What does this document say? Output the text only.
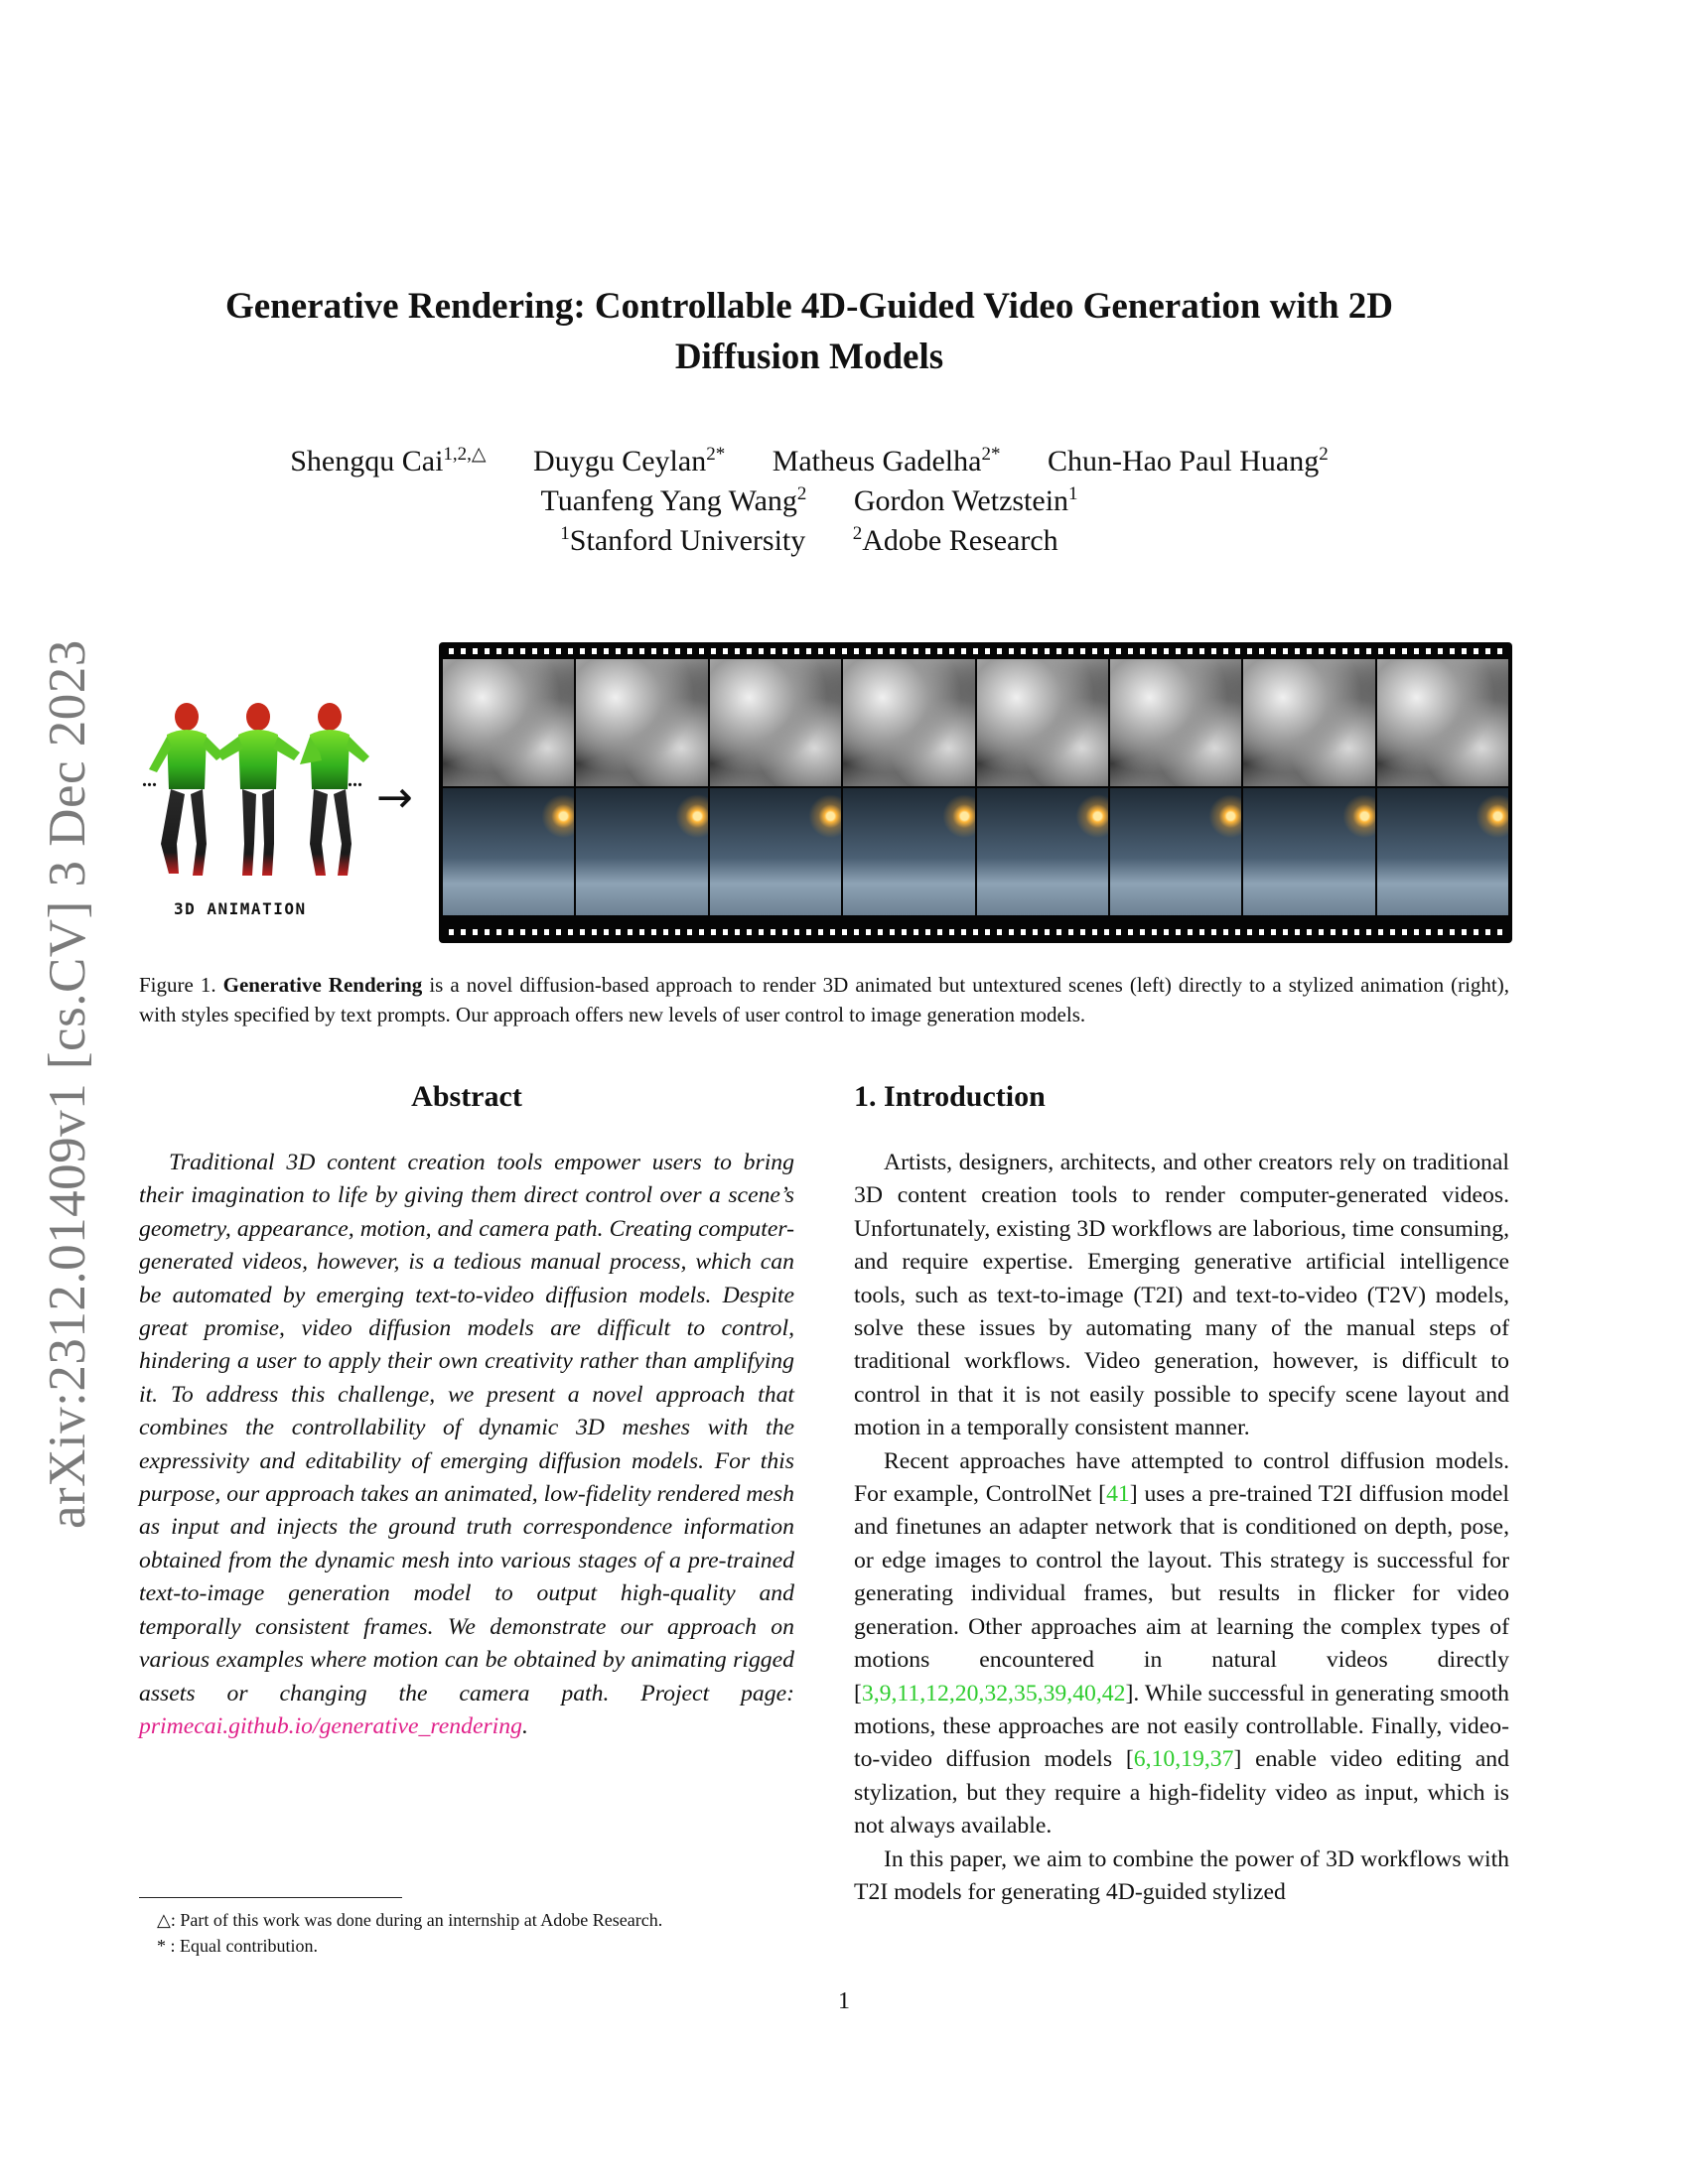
arXiv:2312.01409v1 [cs.CV] 3 Dec 2023
Generative Rendering: Controllable 4D-Guided Video Generation with 2D Diffusion Models
Shengqu Cai$^{1,2,\triangle}$ Duygu Ceylan$^{2*}$ Matheus Gadelha$^{2*}$ Chun-Hao Paul Huang$^2$
Tuanfeng Yang Wang$^2$ Gordon Wetzstein$^1$
$^1$Stanford University	$^2$Adobe Research
...	...
3D ANIMATION
→
Figure 1. Generative Rendering is a novel diffusion-based approach to render 3D animated but untextured scenes (left) directly to a stylized animation (right), with styles specified by text prompts. Our approach offers new levels of user control to image generation models.
Abstract

Traditional 3D content creation tools empower users to bring their imagination to life by giving them direct control over a scene’s geometry, appearance, motion, and camera path. Creating computer-generated videos, however, is a tedious manual process, which can be automated by emerging text-to-video diffusion models. Despite great promise, video diffusion models are difficult to control, hindering a user to apply their own creativity rather than amplifying it. To address this challenge, we present a novel approach that combines the controllability of dynamic 3D meshes with the expressivity and editability of emerging diffusion models. For this purpose, our approach takes an animated, low-fidelity rendered mesh as input and injects the ground truth correspondence information obtained from the dynamic mesh into various stages of a pre-trained text-to-image generation model to output high-quality and temporally consistent frames. We demonstrate our approach on various examples where motion can be obtained by animating rigged assets or changing the camera path. Project page: primecai.github.io/generative_rendering.

1. Introduction

Artists, designers, architects, and other creators rely on traditional 3D content creation tools to render computer-generated videos. Unfortunately, existing 3D workflows are laborious, time consuming, and require expertise. Emerging generative artificial intelligence tools, such as text-to-image (T2I) and text-to-video (T2V) models, solve these issues by automating many of the manual steps of traditional workflows. Video generation, however, is difficult to control in that it is not easily possible to specify scene layout and motion in a temporally consistent manner.

Recent approaches have attempted to control diffusion models. For example, ControlNet [41] uses a pre-trained T2I diffusion model and finetunes an adapter network that is conditioned on depth, pose, or edge images to control the layout. This strategy is successful for generating individual frames, but results in flicker for video generation. Other approaches aim at learning the complex types of motions encountered in natural videos directly [3,9,11,12,20,32,35,39,40,42]. While successful in generating smooth motions, these approaches are not easily controllable. Finally, video-to-video diffusion models [6,10,19,37] enable video editing and stylization, but they require a high-fidelity video as input, which is not always available.

In this paper, we aim to combine the power of 3D workflows with T2I models for generating 4D-guided stylized

△: Part of this work was done during an internship at Adobe Research.
* : Equal contribution.
1
